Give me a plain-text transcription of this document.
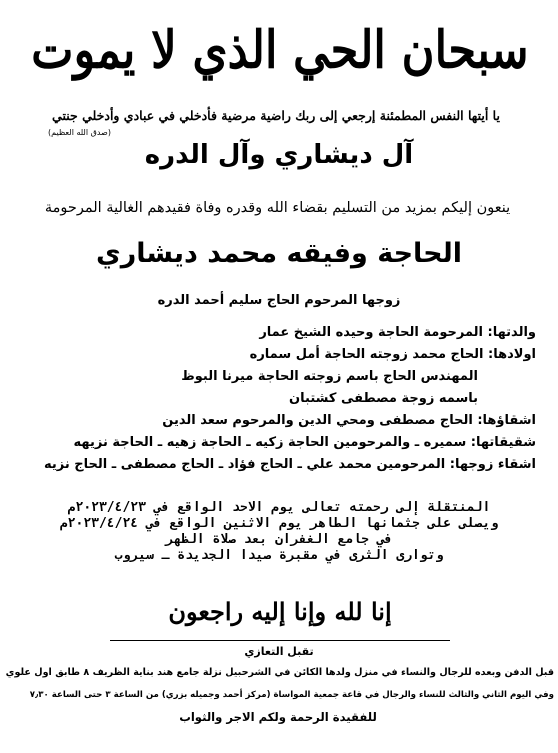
سبحان الحي الذي لا يموت
يا أيتها النفس المطمئنة إرجعي إلى ربك راضية مرضية فأدخلي في عبادي وأدخلي جنتي
(صدق الله العظيم)
آل ديشاري وآل الدره
ينعون إليكم بمزيد من التسليم بقضاء الله وقدره وفاة فقيدهم الغالية المرحومة
الحاجة وفيقه محمد ديشاري
زوجها المرحوم الحاج سليم أحمد الدره
والدتها: المرحومة الحاجة وحيده الشيخ عمار
اولادها: الحاج محمد زوجته الحاجة أمل سماره
المهندس الحاج باسم زوجته الحاجة ميرنا البوظ
باسمه زوجة مصطفى كشتبان
اشقاؤها: الحاج مصطفى ومحي الدين والمرحوم سعد الدين
شقيقاتها: سميره ـ والمرحومين الحاجة زكيه ـ الحاجة زهيه ـ الحاجة نزيهه
اشقاء زوجها: المرحومين محمد علي ـ الحاج فؤاد ـ الحاج مصطفى ـ الحاج نزيه
المنتقلة إلى رحمته تعالى يوم الاحد الواقع في ٢٠٢٣/٤/٢٣م
ويصلى على جثمانها الطاهر يوم الاثنين الواقع في ٢٠٢٣/٤/٢٤م
في جامع الغفران بعد صلاة الظهر
وتوارى الثرى في مقبرة صيدا الجديدة ـ سيروب
إنا لله وإنا إليه راجعون
تقبل التعازي
قبل الدفن وبعده للرجال والنساء في منزل ولدها الكائن في الشرحبيل نزلة جامع هند بناية الظريف ٨ طابق اول علوي
وفي اليوم الثاني والثالث للنساء والرجال في قاعة جمعية المواساة (مركز أحمد وجميله بزري) من الساعة ٣ حتى الساعة ٧٫٣٠
للفقيدة الرحمة ولكم الاجر والثواب
